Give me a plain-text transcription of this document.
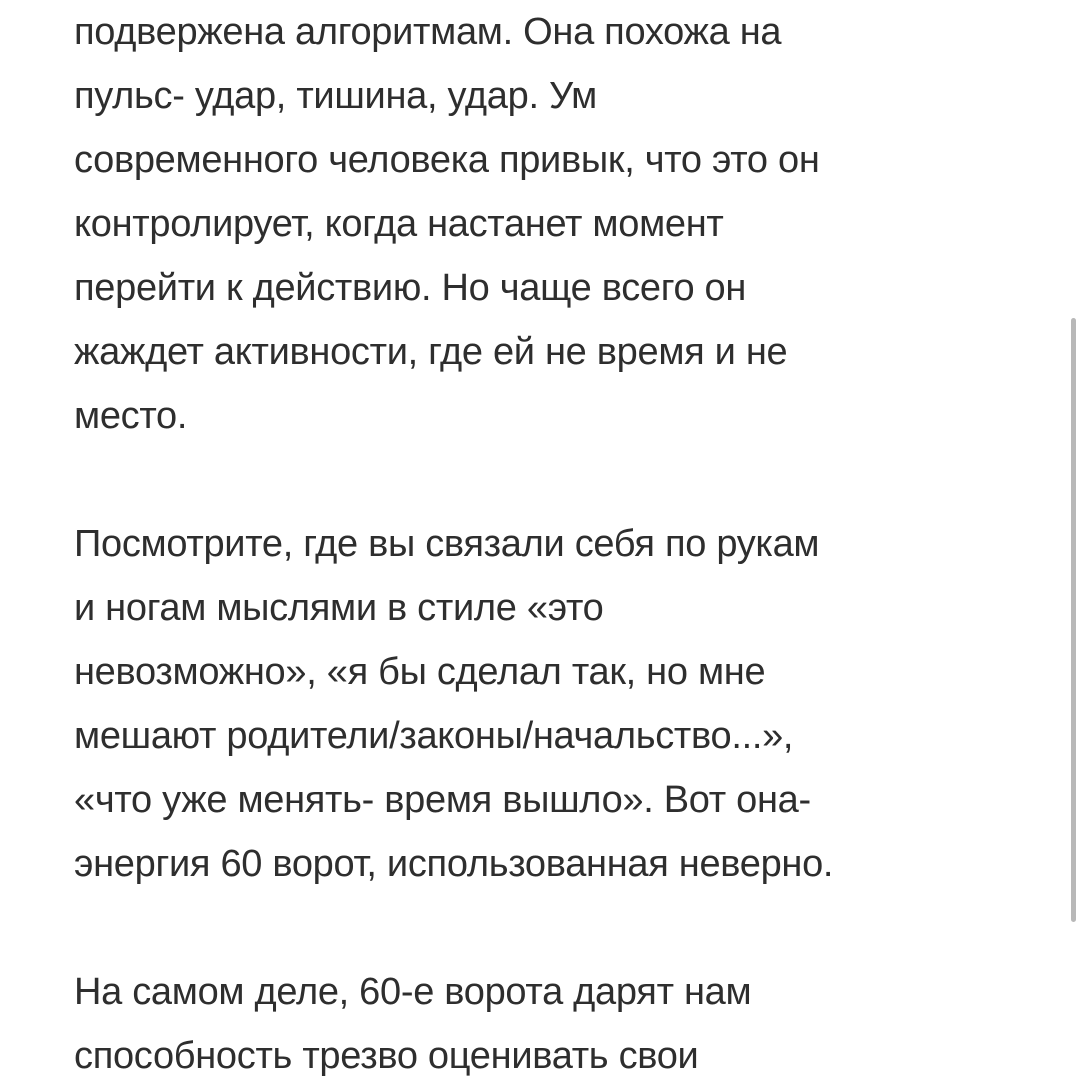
подвержена алгоритмам. Она похожа на
пульс- удар, тишина, удар. Ум
современного человека привык, что это он
контролирует, когда настанет момент
перейти к действию. Но чаще всего он
жаждет активности, где ей не время и не
место.
Посмотрите, где вы связали себя по рукам
и ногам мыслями в стиле «это
невозможно», «я бы сделал так, но мне
мешают родители/законы/начальство...»,
«что уже менять- время вышло». Вот она-
энергия 60 ворот, использованная неверно.
На самом деле, 60-е ворота дарят нам
способность трезво оценивать свои
